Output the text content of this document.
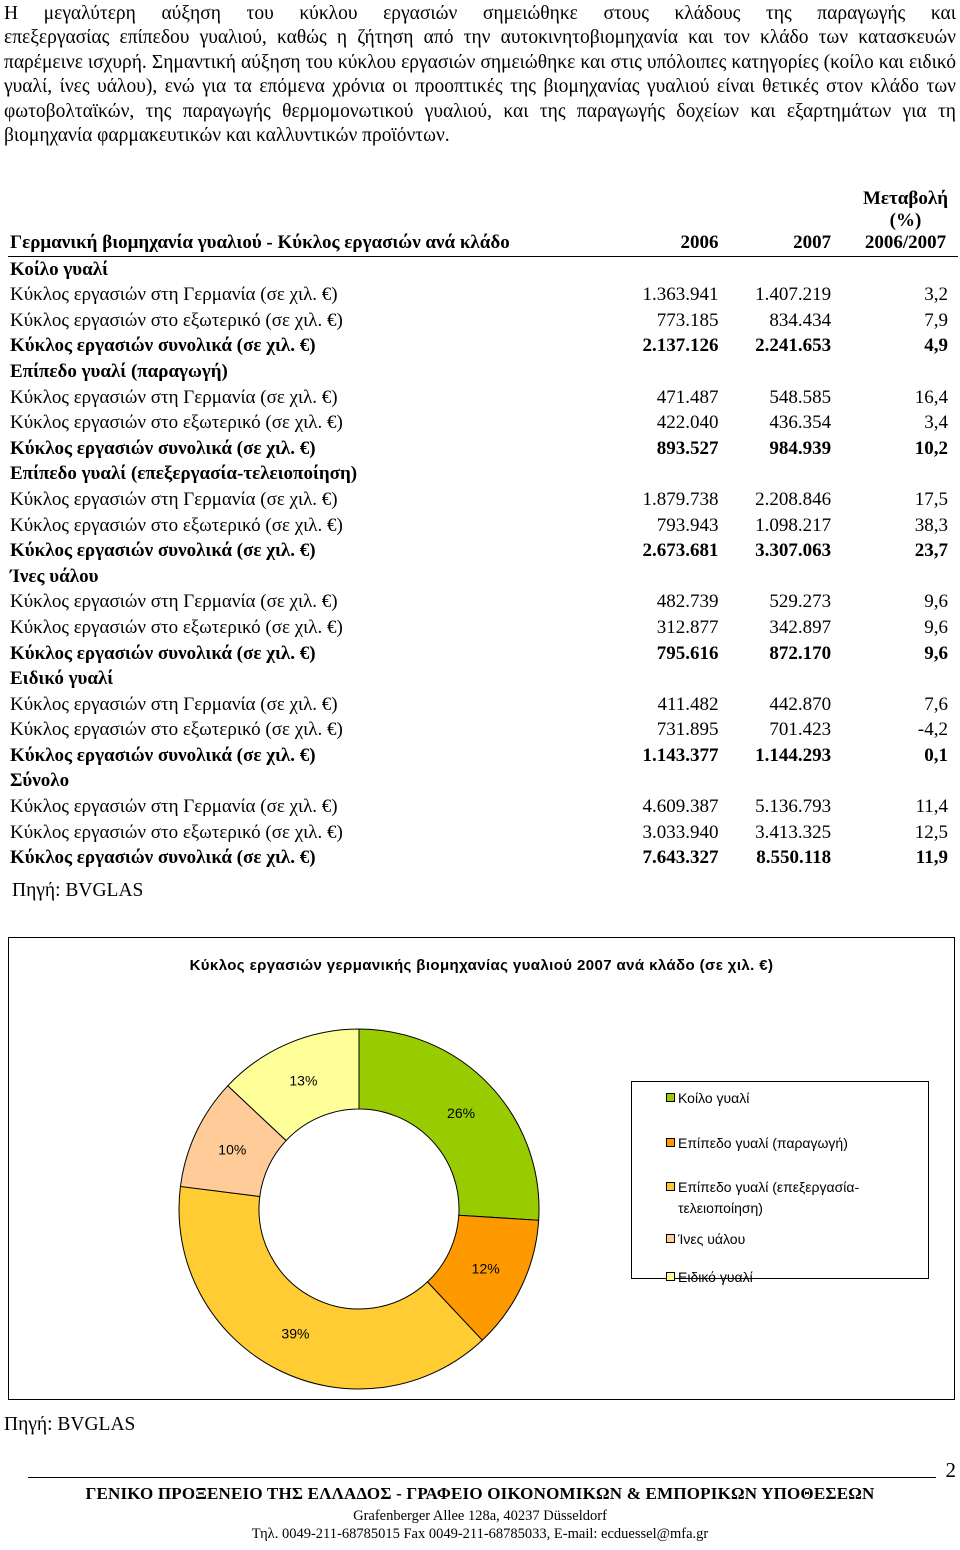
Η μεγαλύτερη αύξηση του κύκλου εργασιών σημειώθηκε στους κλάδους της παραγωγής και
επεξεργασίας επίπεδου γυαλιού, καθώς η ζήτηση από την αυτοκινητοβιομηχανία και τον κλάδο των κατασκευών παρέμεινε ισχυρή. Σημαντική αύξηση του κύκλου εργασιών σημειώθηκε και στις υπόλοιπες κατηγορίες (κοίλο και ειδικό γυαλί, ίνες υάλου), ενώ για τα επόμενα χρόνια οι προοπτικές της βιομηχανίας γυαλιού είναι θετικές στον κλάδο των φωτοβολταϊκών, της παραγωγής θερμομονωτικού γυαλιού, και της παραγωγής δοχείων και εξαρτημάτων για τη βιομηχανία φαρμακευτικών και καλλυντικών προϊόντων.
Γερμανική βιομηχανία γυαλιού - Κύκλος εργασιών ανά κλάδο	2006	2007	Μεταβολή
(%)
2006/2007
Κοίλο γυαλί			
Κύκλος εργασιών στη Γερμανία (σε χιλ. €)	1.363.941	1.407.219	3,2
Κύκλος εργασιών στο εξωτερικό (σε χιλ. €)	773.185	834.434	7,9
Κύκλος εργασιών συνολικά (σε χιλ. €)	2.137.126	2.241.653	4,9
Επίπεδο γυαλί (παραγωγή)			
Κύκλος εργασιών στη Γερμανία (σε χιλ. €)	471.487	548.585	16,4
Κύκλος εργασιών στο εξωτερικό (σε χιλ. €)	422.040	436.354	3,4
Κύκλος εργασιών συνολικά (σε χιλ. €)	893.527	984.939	10,2
Επίπεδο γυαλί (επεξεργασία-τελειοποίηση)			
Κύκλος εργασιών στη Γερμανία (σε χιλ. €)	1.879.738	2.208.846	17,5
Κύκλος εργασιών στο εξωτερικό (σε χιλ. €)	793.943	1.098.217	38,3
Κύκλος εργασιών συνολικά (σε χιλ. €)	2.673.681	3.307.063	23,7
Ίνες υάλου			
Κύκλος εργασιών στη Γερμανία (σε χιλ. €)	482.739	529.273	9,6
Κύκλος εργασιών στο εξωτερικό (σε χιλ. €)	312.877	342.897	9,6
Κύκλος εργασιών συνολικά (σε χιλ. €)	795.616	872.170	9,6
Ειδικό γυαλί			
Κύκλος εργασιών στη Γερμανία (σε χιλ. €)	411.482	442.870	7,6
Κύκλος εργασιών στο εξωτερικό (σε χιλ. €)	731.895	701.423	-4,2
Κύκλος εργασιών συνολικά (σε χιλ. €)	1.143.377	1.144.293	0,1
Σύνολο			
Κύκλος εργασιών στη Γερμανία (σε χιλ. €)	4.609.387	5.136.793	11,4
Κύκλος εργασιών στο εξωτερικό (σε χιλ. €)	3.033.940	3.413.325	12,5
Κύκλος εργασιών συνολικά (σε χιλ. €)	7.643.327	8.550.118	11,9
Πηγή: BVGLAS
Κύκλος εργασιών γερμανικής βιομηχανίας γυαλιού 2007 ανά κλάδο (σε χιλ. €)
26%
12%
39%
10%
13%
Κοίλο γυαλί
Επίπεδο γυαλί (παραγωγή)
Επίπεδο γυαλί (επεξεργασία-
τελειοποίηση)
Ίνες υάλου
Ειδικό γυαλί
Πηγή: BVGLAS
2
ΓΕΝΙΚΟ ΠΡΟΞΕΝΕΙΟ ΤΗΣ ΕΛΛΑΔΟΣ - ΓΡΑΦΕΙΟ ΟΙΚΟΝΟΜΙΚΩΝ & ΕΜΠΟΡΙΚΩΝ ΥΠΟΘΕΣΕΩΝ
Grafenberger Allee 128a, 40237 Düsseldorf
Τηλ. 0049-211-68785015 Fax 0049-211-68785033, E-mail: ecduessel@mfa.gr
